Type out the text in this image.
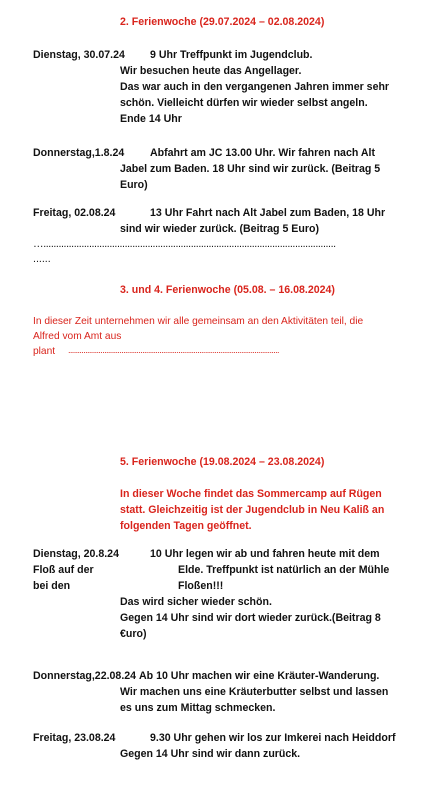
2. Ferienwoche (29.07.2024 – 02.08.2024)
Dienstag, 30.07.24 9 Uhr Treffpunkt im Jugendclub.
Wir besuchen heute das Angellager.
Das war auch in den vergangenen Jahren immer sehr
schön. Vielleicht dürfen wir wieder selbst angeln.
Ende 14 Uhr
Donnerstag,1.8.24 Abfahrt am JC 13.00 Uhr. Wir fahren nach Alt
Jabel zum Baden. 18 Uhr sind wir zurück. (Beitrag 5
Euro)
Freitag, 02.08.24	13 Uhr Fahrt nach Alt Jabel zum Baden, 18 Uhr
sind wir wieder zurück. (Beitrag 5 Euro)
…...................................................................................................................
......
3. und 4. Ferienwoche (05.08. – 16.08.2024)
In dieser Zeit unternehmen wir alle gemeinsam an den Aktivitäten teil, die
Alfred vom Amt aus
plant ...............................................................................................................
5. Ferienwoche (19.08.2024 – 23.08.2024)
In dieser Woche findet das Sommercamp auf Rügen
statt. Gleichzeitig ist der Jugendclub in Neu Kaliß an
folgenden Tagen geöffnet.
Dienstag, 20.8.24
Floß auf der
bei den
10 Uhr legen wir ab und fahren heute mit dem
Elde. Treffpunkt ist natürlich an der Mühle
Floßen!!!
Das wird sicher wieder schön.
Gegen 14 Uhr sind wir dort wieder zurück.(Beitrag 8
€uro)
Donnerstag,22.08.24 Ab 10 Uhr machen wir eine Kräuter-Wanderung.
Wir machen uns eine Kräuterbutter selbst und lassen
es uns zum Mittag schmecken.
Freitag, 23.08.24	9.30 Uhr gehen wir los zur Imkerei nach Heiddorf
Gegen 14 Uhr sind wir dann zurück.
